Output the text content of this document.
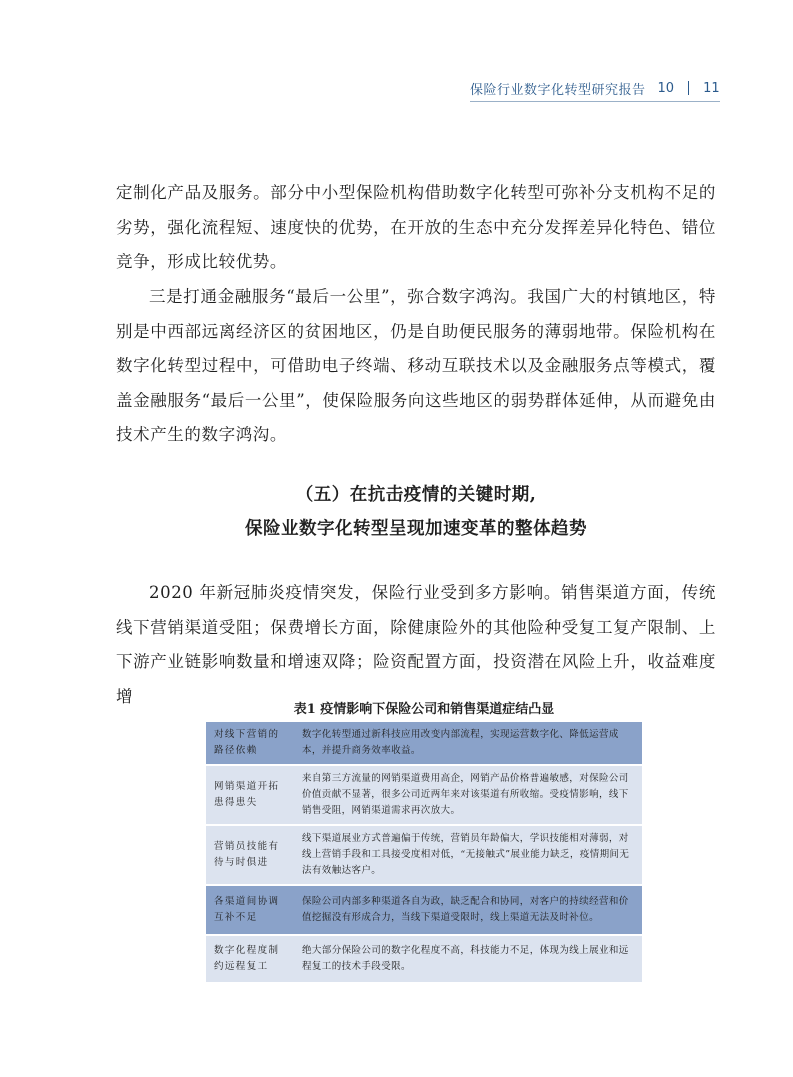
保险行业数字化转型研究报告 10 11

定制化产品及服务。部分中小型保险机构借助数字化转型可弥补分支机构不足的劣势，强化流程短、速度快的优势，在开放的生态中充分发挥差异化特色、错位竞争，形成比较优势。

三是打通金融服务“最后一公里”，弥合数字鸿沟。我国广大的村镇地区，特别是中西部远离经济区的贫困地区，仍是自助便民服务的薄弱地带。保险机构在数字化转型过程中，可借助电子终端、移动互联技术以及金融服务点等模式，覆盖金融服务“最后一公里”，使保险服务向这些地区的弱势群体延伸，从而避免由技术产生的数字鸿沟。

（五）在抗击疫情的关键时期,
保险业数字化转型呈现加速变革的整体趋势

2020 年新冠肺炎疫情突发，保险行业受到多方影响。销售渠道方面，传统线下营销渠道受阻；保费增长方面，除健康险外的其他险种受复工复产限制、上下游产业链影响数量和增速双降；险资配置方面，投资潜在风险上升，收益难度增

表1 疫情影响下保险公司和销售渠道症结凸显
对线下营销的路径依赖	数字化转型通过新科技应用改变内部流程，实现运营数字化、降低运营成本，并提升商务效率收益。
网销渠道开拓患得患失	来自第三方流量的网销渠道费用高企，网销产品价格普遍敏感，对保险公司价值贡献不显著，很多公司近两年来对该渠道有所收缩。受疫情影响，线下销售受阻，网销渠道需求再次放大。
营销员技能有待与时俱进	线下渠道展业方式普遍偏于传统，营销员年龄偏大，学识技能相对薄弱，对线上营销手段和工具接受度相对低，“无接触式”展业能力缺乏，疫情期间无法有效触达客户。
各渠道间协调互补不足	保险公司内部多种渠道各自为政，缺乏配合和协同，对客户的持续经营和价值挖掘没有形成合力，当线下渠道受限时，线上渠道无法及时补位。
数字化程度制约远程复工	绝大部分保险公司的数字化程度不高，科技能力不足，体现为线上展业和远程复工的技术手段受限。
